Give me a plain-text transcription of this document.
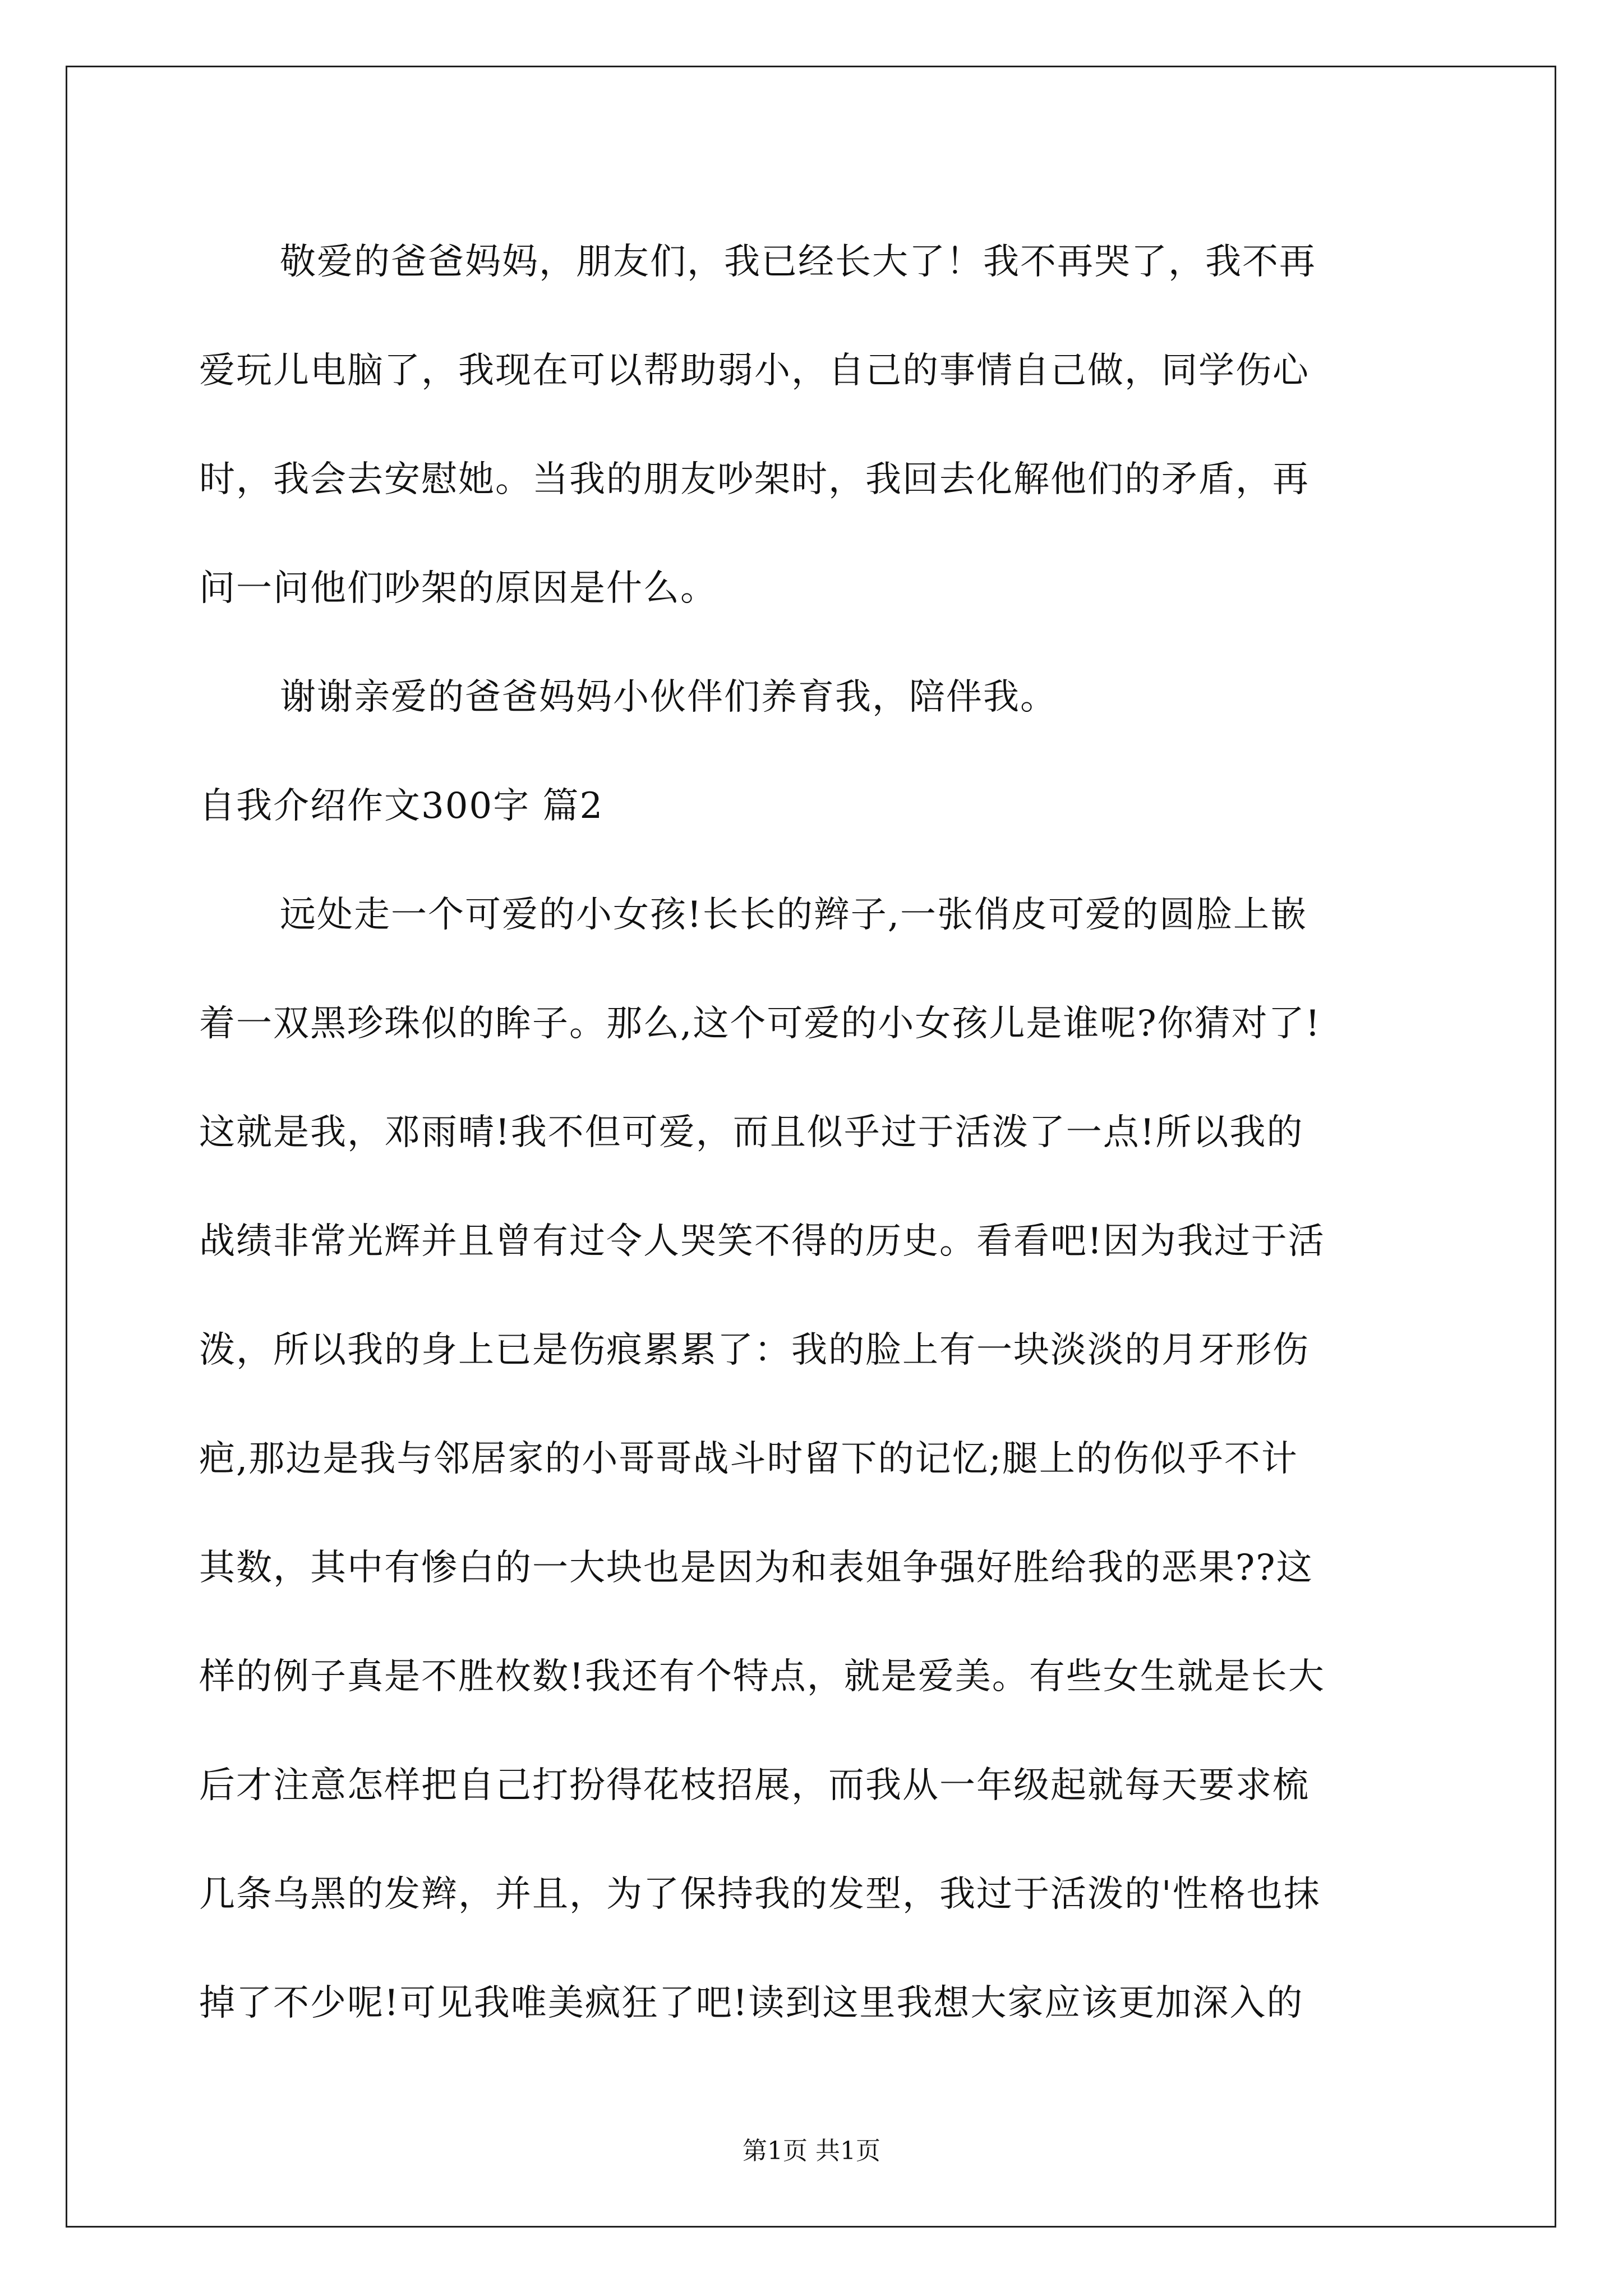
敬爱的爸爸妈妈，朋友们，我已经长大了！我不再哭了，我不再
爱玩儿电脑了，我现在可以帮助弱小，自己的事情自己做，同学伤心
时，我会去安慰她。当我的朋友吵架时，我回去化解他们的矛盾，再
问一问他们吵架的原因是什么。

谢谢亲爱的爸爸妈妈小伙伴们养育我，陪伴我。

自我介绍作文300字 篇2

远处走一个可爱的小女孩!长长的辫子,一张俏皮可爱的圆脸上嵌
着一双黑珍珠似的眸子。那么,这个可爱的小女孩儿是谁呢?你猜对了!
这就是我，邓雨晴!我不但可爱，而且似乎过于活泼了一点!所以我的
战绩非常光辉并且曾有过令人哭笑不得的历史。看看吧!因为我过于活
泼，所以我的身上已是伤痕累累了：我的脸上有一块淡淡的月牙形伤
疤,那边是我与邻居家的小哥哥战斗时留下的记忆;腿上的伤似乎不计
其数，其中有惨白的一大块也是因为和表姐争强好胜给我的恶果??这
样的例子真是不胜枚数!我还有个特点，就是爱美。有些女生就是长大
后才注意怎样把自己打扮得花枝招展，而我从一年级起就每天要求梳
几条乌黑的发辫，并且，为了保持我的发型，我过于活泼的'性格也抹
掉了不少呢!可见我唯美疯狂了吧!读到这里我想大家应该更加深入的

第1页 共1页
